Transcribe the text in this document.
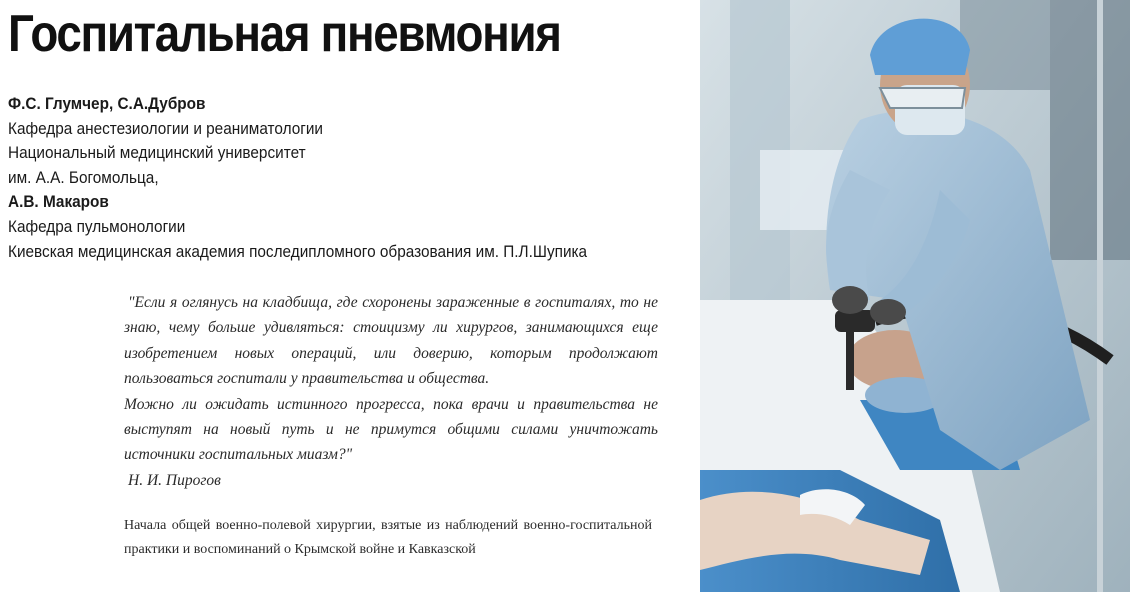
Госпитальная пневмония
Ф.С. Глумчер, С.А.Дубров
Кафедра анестезиологии и реаниматологии
Национальный медицинский университет
им. А.А. Богомольца,
А.В. Макаров
Кафедра пульмонологии
Киевская медицинская академия последипломного образования им. П.Л.Шупика

"Если я оглянусь на кладбища, где схоронены зараженные в госпиталях, то не знаю, чему больше удивляться: стоицизму ли хирургов, занимающихся еще изобретением новых операций, или доверию, которым продолжают пользоваться госпитали у правительства и общества.

Можно ли ожидать истинного прогресса, пока врачи и правительства не выступят на новый путь и не примутся общими силами уничтожать источники госпитальных миазм?"

Н. И. Пирогов

Начала общей военно-полевой хирургии, взятые из наблюдений военно-госпитальной практики и воспоминаний о Крымской войне и Кавказской
